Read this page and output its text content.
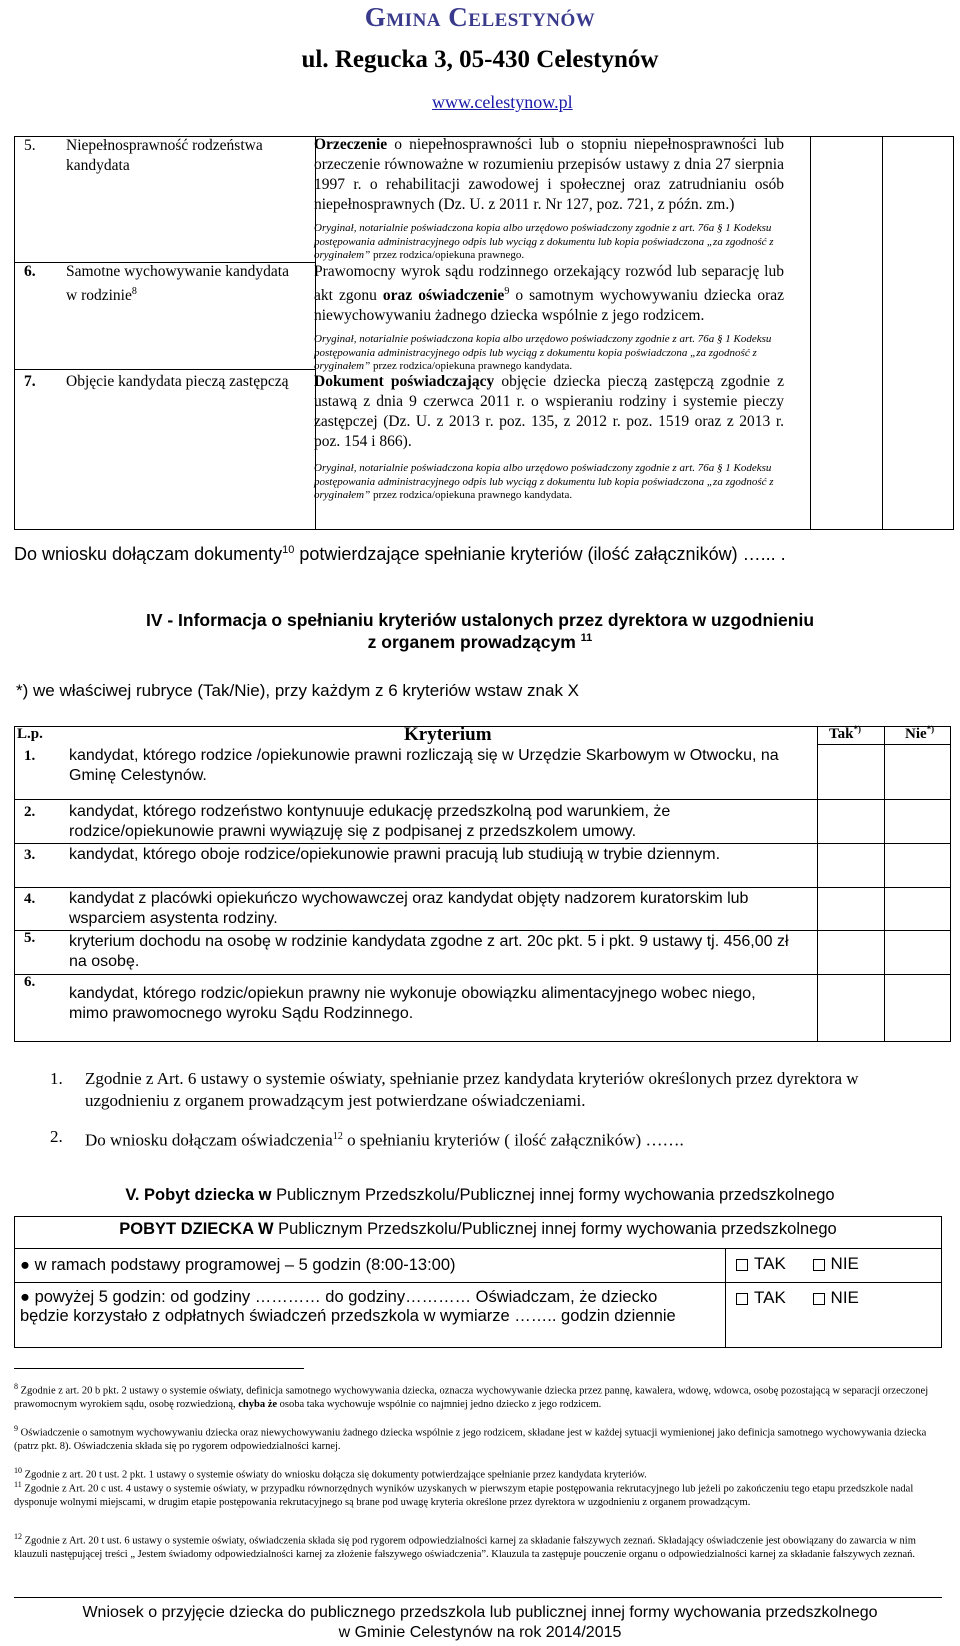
Gmina Celestynów
ul. Regucka 3, 05-430 Celestynów
www.celestynow.pl
5. Niepełnosprawność rodzeństwa kandydata
Orzeczenie o niepełnosprawności lub o stopniu niepełnosprawności lub orzeczenie równoważne w rozumieniu przepisów ustawy z dnia 27 sierpnia 1997 r. o rehabilitacji zawodowej i społecznej oraz zatrudnianiu osób niepełnosprawnych (Dz. U. z 2011 r. Nr 127, poz. 721, z późn. zm.)
Oryginał, notarialnie poświadczona kopia albo urzędowo poświadczony zgodnie z art. 76a § 1 Kodeksu postępowania administracyjnego odpis lub wyciąg z dokumentu lub kopia poświadczona „za zgodność z oryginałem” przez rodzica/opiekuna prawnego.
6. Samotne wychowywanie kandydata w rodzinie$^8$
Prawomocny wyrok sądu rodzinnego orzekający rozwód lub separację lub akt zgonu oraz oświadczenie$^9$ o samotnym wychowywaniu dziecka oraz niewychowywaniu żadnego dziecka wspólnie z jego rodzicem.
Oryginał, notarialnie poświadczona kopia albo urzędowo poświadczony zgodnie z art. 76a § 1 Kodeksu postępowania administracyjnego odpis lub wyciąg z dokumentu kopia poświadczona „za zgodność z oryginałem” przez rodzica/opiekuna prawnego kandydata.
7. Objęcie kandydata pieczą zastępczą	Dokument poświadczający objęcie dziecka pieczą zastępczą zgodnie z ustawą z dnia 9 czerwca 2011 r. o wspieraniu rodziny i systemie pieczy zastępczej (Dz. U. z 2013 r. poz. 135, z 2012 r. poz. 1519 oraz z 2013 r. poz. 154 i 866).
Oryginał, notarialnie poświadczona kopia albo urzędowo poświadczony zgodnie z art. 76a § 1 Kodeksu postępowania administracyjnego odpis lub wyciąg z dokumentu lub kopia poświadczona „za zgodność z oryginałem” przez rodzica/opiekuna prawnego kandydata.
Do wniosku dołączam dokumenty$^{10}$ potwierdzające spełnianie kryteriów (ilość załączników) …... .
IV - Informacja o spełnianiu kryteriów ustalonych przez dyrektora w uzgodnieniu
z organem prowadzącym $^{11}$
*) we właściwej rubryce (Tak/Nie), przy każdym z 6 kryteriów wstaw znak X
L.p.	Kryterium	Tak*)	Nie*)
1. kandydat, którego rodzice /opiekunowie prawni rozliczają się w Urzędzie Skarbowym w Otwocku, na Gminę Celestynów.
2. kandydat, którego rodzeństwo kontynuuje edukację przedszkolną pod warunkiem, że rodzice/opiekunowie prawni wywiązuję się z podpisanej z przedszkolem umowy.
3. kandydat, którego oboje rodzice/opiekunowie prawni pracują lub studiują w trybie dziennym.
4. kandydat z placówki opiekuńczo wychowawczej oraz kandydat objęty nadzorem kuratorskim lub wsparciem asystenta rodziny.
5. kryterium dochodu na osobę w rodzinie kandydata zgodne z art. 20c pkt. 5 i pkt. 9 ustawy tj. 456,00 zł na osobę.
6.
kandydat, którego rodzic/opiekun prawny nie wykonuje obowiązku alimentacyjnego wobec niego, mimo prawomocnego wyroku Sądu Rodzinnego.
1. Zgodnie z Art. 6 ustawy o systemie oświaty, spełnianie przez kandydata kryteriów określonych przez dyrektora w uzgodnieniu z organem prowadzącym jest potwierdzane oświadczeniami.
2. Do wniosku dołączam oświadczenia$^{12}$ o spełnianiu kryteriów ( ilość załączników) …….
V. Pobyt dziecka w Publicznym Przedszkolu/Publicznej innej formy wychowania przedszkolnego
POBYT DZIECKA W Publicznym Przedszkolu/Publicznej innej formy wychowania przedszkolnego
● w ramach podstawy programowej – 5 godzin (8:00-13:00)	TAK	NIE
● powyżej 5 godzin: od godziny ………… do godziny………… Oświadczam, że dziecko będzie korzystało z odpłatnych świadczeń przedszkola w wymiarze …….. godzin dziennie
TAK	NIE
$^8$ Zgodnie z art. 20 b pkt. 2 ustawy o systemie oświaty, definicja samotnego wychowywania dziecka, oznacza wychowywanie dziecka przez pannę, kawalera, wdowę, wdowca, osobę pozostającą w separacji orzeczonej prawomocnym wyrokiem sądu, osobę rozwiedzioną, chyba że osoba taka wychowuje wspólnie co najmniej jedno dziecko z jego rodzicem.
$^9$ Oświadczenie o samotnym wychowywaniu dziecka oraz niewychowywaniu żadnego dziecka wspólnie z jego rodzicem, składane jest w każdej sytuacji wymienionej jako definicja samotnego wychowywania dziecka (patrz pkt. 8). Oświadczenia składa się po rygorem odpowiedzialności karnej.
$^{10}$ Zgodnie z art. 20 t ust. 2 pkt. 1 ustawy o systemie oświaty do wniosku dołącza się dokumenty potwierdzające spełnianie przez kandydata kryteriów.
$^{11}$ Zgodnie z Art. 20 c ust. 4 ustawy o systemie oświaty, w przypadku równorzędnych wyników uzyskanych w pierwszym etapie postępowania rekrutacyjnego lub jeżeli po zakończeniu tego etapu przedszkole nadal dysponuje wolnymi miejscami, w drugim etapie postępowania rekrutacyjnego są brane pod uwagę kryteria określone przez dyrektora w uzgodnieniu z organem prowadzącym.
$^{12}$ Zgodnie z Art. 20 t ust. 6 ustawy o systemie oświaty, oświadczenia składa się pod rygorem odpowiedzialności karnej za składanie fałszywych zeznań. Składający oświadczenie jest obowiązany do zawarcia w nim klauzuli następującej treści „ Jestem świadomy odpowiedzialności karnej za złożenie fałszywego oświadczenia”. Klauzula ta zastępuje pouczenie organu o odpowiedzialności karnej za składanie fałszywych zeznań.
Wniosek o przyjęcie dziecka do publicznego przedszkola lub publicznej innej formy wychowania przedszkolnego
w Gminie Celestynów na rok 2014/2015
